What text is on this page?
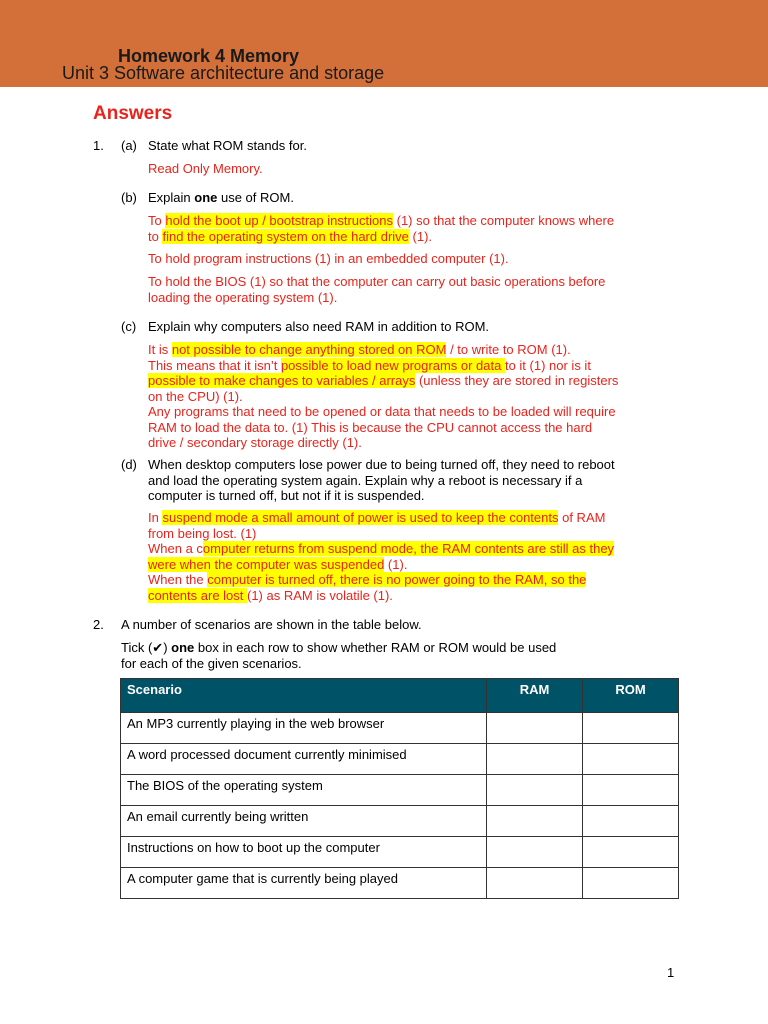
Homework 4 Memory
Unit 3 Software architecture and storage
Answers
1. (a) State what ROM stands for.
Read Only Memory.
(b) Explain one use of ROM.
To hold the boot up / bootstrap instructions (1) so that the computer knows where
to find the operating system on the hard drive (1).
To hold program instructions (1) in an embedded computer (1).
To hold the BIOS (1) so that the computer can carry out basic operations before
loading the operating system (1).
(c) Explain why computers also need RAM in addition to ROM.
It is not possible to change anything stored on ROM / to write to ROM (1).
This means that it isn’t possible to load new programs or data to it (1) nor is it
possible to make changes to variables / arrays (unless they are stored in registers
on the CPU) (1).
Any programs that need to be opened or data that needs to be loaded will require
RAM to load the data to. (1) This is because the CPU cannot access the hard
drive / secondary storage directly (1).
(d) When desktop computers lose power due to being turned off, they need to reboot
and load the operating system again. Explain why a reboot is necessary if a
computer is turned off, but not if it is suspended.
In suspend mode a small amount of power is used to keep the contents of RAM
from being lost. (1)
When a computer returns from suspend mode, the RAM contents are still as they
were when the computer was suspended (1).
When the computer is turned off, there is no power going to the RAM, so the
contents are lost (1) as RAM is volatile (1).
2. A number of scenarios are shown in the table below.
Tick (✔) one box in each row to show whether RAM or ROM would be used
for each of the given scenarios.
Scenario	RAM	ROM
An MP3 currently playing in the web browser		
A word processed document currently minimised		
The BIOS of the operating system		
An email currently being written		
Instructions on how to boot up the computer		
A computer game that is currently being played		
1
